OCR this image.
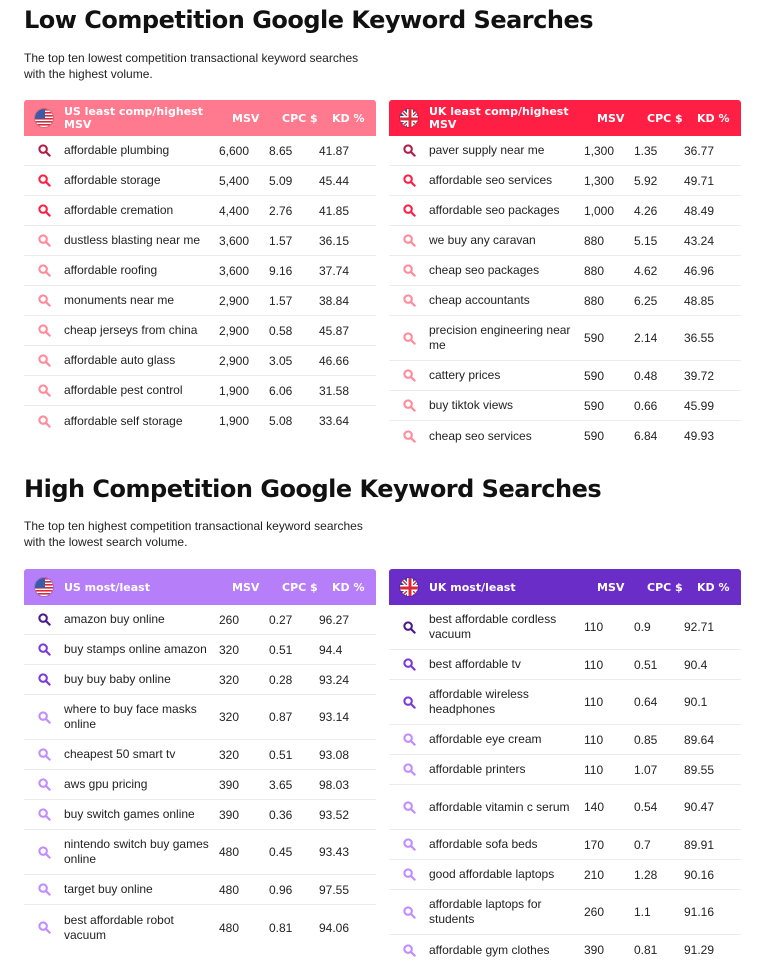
Low Competition Google Keyword Searches
The top ten lowest competition transactional keyword searches
with the highest volume.
US least comp/highest MSV	MSV	CPC $	KD %
affordable plumbing	6,600	8.65	41.87
affordable storage	5,400	5.09	45.44
affordable cremation	4,400	2.76	41.85
dustless blasting near me	3,600	1.57	36.15
affordable roofing	3,600	9.16	37.74
monuments near me	2,900	1.57	38.84
cheap jerseys from china	2,900	0.58	45.87
affordable auto glass	2,900	3.05	46.66
affordable pest control	1,900	6.06	31.58
affordable self storage	1,900	5.08	33.64
UK least comp/highest MSV	MSV	CPC $	KD %
paver supply near me	1,300	1.35	36.77
affordable seo services	1,300	5.92	49.71
affordable seo packages	1,000	4.26	48.49
we buy any caravan	880	5.15	43.24
cheap seo packages	880	4.62	46.96
cheap accountants	880	6.25	48.85
precision engineering near me	590	2.14	36.55
cattery prices	590	0.48	39.72
buy tiktok views	590	0.66	45.99
cheap seo services	590	6.84	49.93
High Competition Google Keyword Searches
The top ten highest competition transactional keyword searches
with the lowest search volume.
US most/least	MSV	CPC $	KD %
amazon buy online	260	0.27	96.27
buy stamps online amazon	320	0.51	94.4
buy buy baby online	320	0.28	93.24
where to buy face masks online	320	0.87	93.14
cheapest 50 smart tv	320	0.51	93.08
aws gpu pricing	390	3.65	98.03
buy switch games online	390	0.36	93.52
nintendo switch buy games online	480	0.45	93.43
target buy online	480	0.96	97.55
best affordable robot vacuum	480	0.81	94.06
UK most/least	MSV	CPC $	KD %
best affordable cordless vacuum	110	0.9	92.71
best affordable tv	110	0.51	90.4
affordable wireless headphones	110	0.64	90.1
affordable eye cream	110	0.85	89.64
affordable printers	110	1.07	89.55
affordable vitamin c serum	140	0.54	90.47
affordable sofa beds	170	0.7	89.91
good affordable laptops	210	1.28	90.16
affordable laptops for students	260	1.1	91.16
affordable gym clothes	390	0.81	91.29
